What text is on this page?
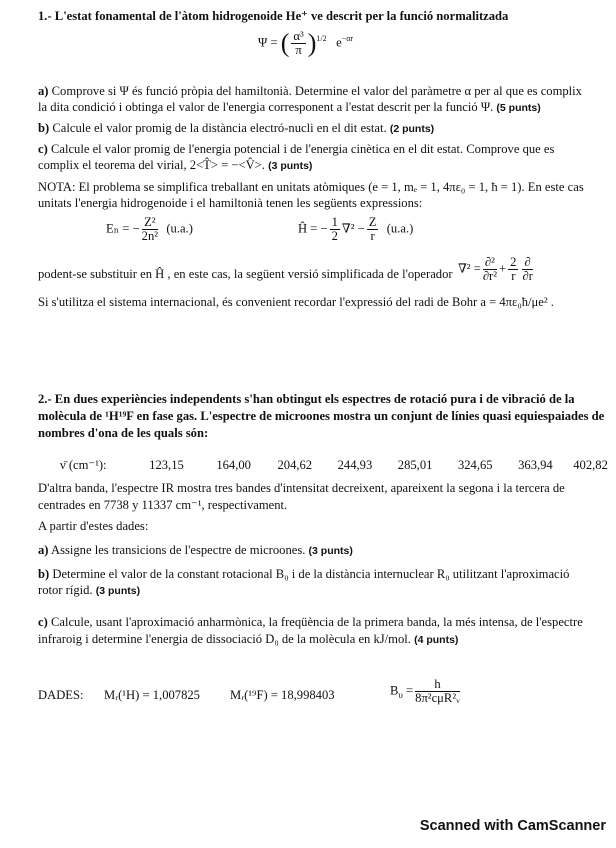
1.- L'estat fonamental de l'àtom hidrogenoide He⁺ ve descrit per la funció normalitzada
Ψ = ( $\frac{\text{α³}}{\pi} )^{1/2}$ $e^{-\alpha r}$
a) Comprove si Ψ és funció pròpia del hamiltonià. Determine el valor del paràmetre α per al que es complix
la dita condició i obtinga el valor de l'energia corresponent a l'estat descrit per la funció Ψ. (5 punts)
b) Calcule el valor promig de la distància electró-nucli en el dit estat. (2 punts)
c) Calcule el valor promig de l'energia potencial i de l'energia cinètica en el dit estat. Comprove que es
complix el teorema del virial, 2<T̂> = −<V̂>. (3 punts)
NOTA: El problema se simplifica treballant en unitats atòmiques (e = 1, mₑ = 1, 4πε₀ = 1, ħ = 1). En este cas
unitats l'energia hidrogenoide i el hamiltonià tenen les següents expressions:
Eₙ = − $\frac{\text{Z²}}{\text{2n²}} (u.a.)$	Ĥ = − $\frac{1}{2} \nabla^2 - \frac{Z}{r} (u.a.)$
podent-se substituir en Ĥ , en este cas, la següent versió simplificada de l'operador $\nabla^2 = \frac{\text{∂²}}{\text{∂r²}} + \frac{2}{r} \frac{\partial}{\partial r}$
Si s'utilitza el sistema internacional, és convenient recordar l'expressió del radi de Bohr a = 4πε₀ħ/μe² .
2.- En dues experiències independents s'han obtingut els espectres de rotació pura i de vibració de la
molècula de ¹H¹⁹F en fase gas. L'espectre de microones mostra un conjunt de línies quasi equiespaiades de
nombres d'ona de les quals són:
ν̄ (cm⁻¹):	123,15	164,00 204,62 244,93 285,01 324,65 363,94 402,82
D'altra banda, l'espectre IR mostra tres bandes d'intensitat decreixent, apareixent la segona i la tercera de
centrades en 7738 y 11337 cm⁻¹, respectivament.
A partir d'estes dades:
a) Assigne les transicions de l'espectre de microones. (3 punts)
b) Determine el valor de la constant rotacional B₀ i de la distància internuclear R₀ utilitzant l'aproximació
rotor rígid. (3 punts)
c) Calcule, usant l'aproximació anharmònica, la freqüència de la primera banda, la més intensa, de l'espectre
infraroig i determine l'energia de dissociació D₀ de la molècula en kJ/mol. (4 punts)
DADES: Mᵣ(¹H) = 1,007825 Mᵣ(¹⁹F) = 18,998403	$B_\upsilon = \frac{h}{\text{8π²cμR²ᵥ}}$
Scanned with CamScanner
